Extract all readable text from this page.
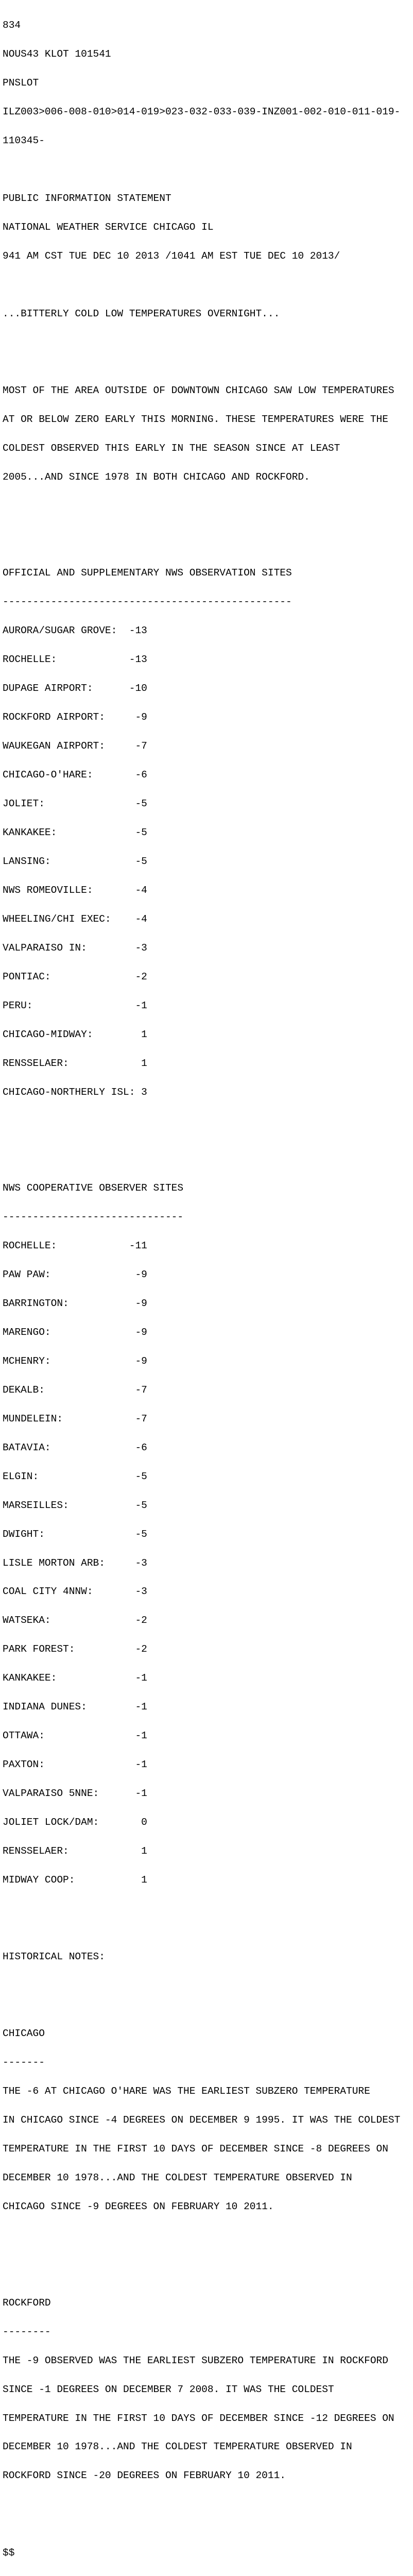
834

NOUS43 KLOT 101541

PNSLOT

ILZ003>006-008-010>014-019>023-032-033-039-INZ001-002-010-011-019-

110345-

PUBLIC INFORMATION STATEMENT

NATIONAL WEATHER SERVICE CHICAGO IL

941 AM CST TUE DEC 10 2013 /1041 AM EST TUE DEC 10 2013/

...BITTERLY COLD LOW TEMPERATURES OVERNIGHT...

MOST OF THE AREA OUTSIDE OF DOWNTOWN CHICAGO SAW LOW TEMPERATURES

AT OR BELOW ZERO EARLY THIS MORNING. THESE TEMPERATURES WERE THE

COLDEST OBSERVED THIS EARLY IN THE SEASON SINCE AT LEAST

2005...AND SINCE 1978 IN BOTH CHICAGO AND ROCKFORD.

OFFICIAL AND SUPPLEMENTARY NWS OBSERVATION SITES

------------------------------------------------

AURORA/SUGAR GROVE:  -13

ROCHELLE:            -13

DUPAGE AIRPORT:      -10

ROCKFORD AIRPORT:     -9

WAUKEGAN AIRPORT:     -7

CHICAGO-O'HARE:       -6

JOLIET:               -5

KANKAKEE:             -5

LANSING:              -5

NWS ROMEOVILLE:       -4

WHEELING/CHI EXEC:    -4

VALPARAISO IN:        -3

PONTIAC:              -2

PERU:                 -1

CHICAGO-MIDWAY:        1

RENSSELAER:            1

CHICAGO-NORTHERLY ISL: 3

NWS COOPERATIVE OBSERVER SITES

------------------------------

ROCHELLE:            -11

PAW PAW:              -9

BARRINGTON:           -9

MARENGO:              -9

MCHENRY:              -9

DEKALB:               -7

MUNDELEIN:            -7

BATAVIA:              -6

ELGIN:                -5

MARSEILLES:           -5

DWIGHT:               -5

LISLE MORTON ARB:     -3

COAL CITY 4NNW:       -3

WATSEKA:              -2

PARK FOREST:          -2

KANKAKEE:             -1

INDIANA DUNES:        -1

OTTAWA:               -1

PAXTON:               -1

VALPARAISO 5NNE:      -1

JOLIET LOCK/DAM:       0

RENSSELAER:            1

MIDWAY COOP:           1

HISTORICAL NOTES:

CHICAGO

-------

THE -6 AT CHICAGO O'HARE WAS THE EARLIEST SUBZERO TEMPERATURE

IN CHICAGO SINCE -4 DEGREES ON DECEMBER 9 1995. IT WAS THE COLDEST

TEMPERATURE IN THE FIRST 10 DAYS OF DECEMBER SINCE -8 DEGREES ON

DECEMBER 10 1978...AND THE COLDEST TEMPERATURE OBSERVED IN

CHICAGO SINCE -9 DEGREES ON FEBRUARY 10 2011.

ROCKFORD

--------

THE -9 OBSERVED WAS THE EARLIEST SUBZERO TEMPERATURE IN ROCKFORD

SINCE -1 DEGREES ON DECEMBER 7 2008. IT WAS THE COLDEST

TEMPERATURE IN THE FIRST 10 DAYS OF DECEMBER SINCE -12 DEGREES ON

DECEMBER 10 1978...AND THE COLDEST TEMPERATURE OBSERVED IN

ROCKFORD SINCE -20 DEGREES ON FEBRUARY 10 2011.

$$
